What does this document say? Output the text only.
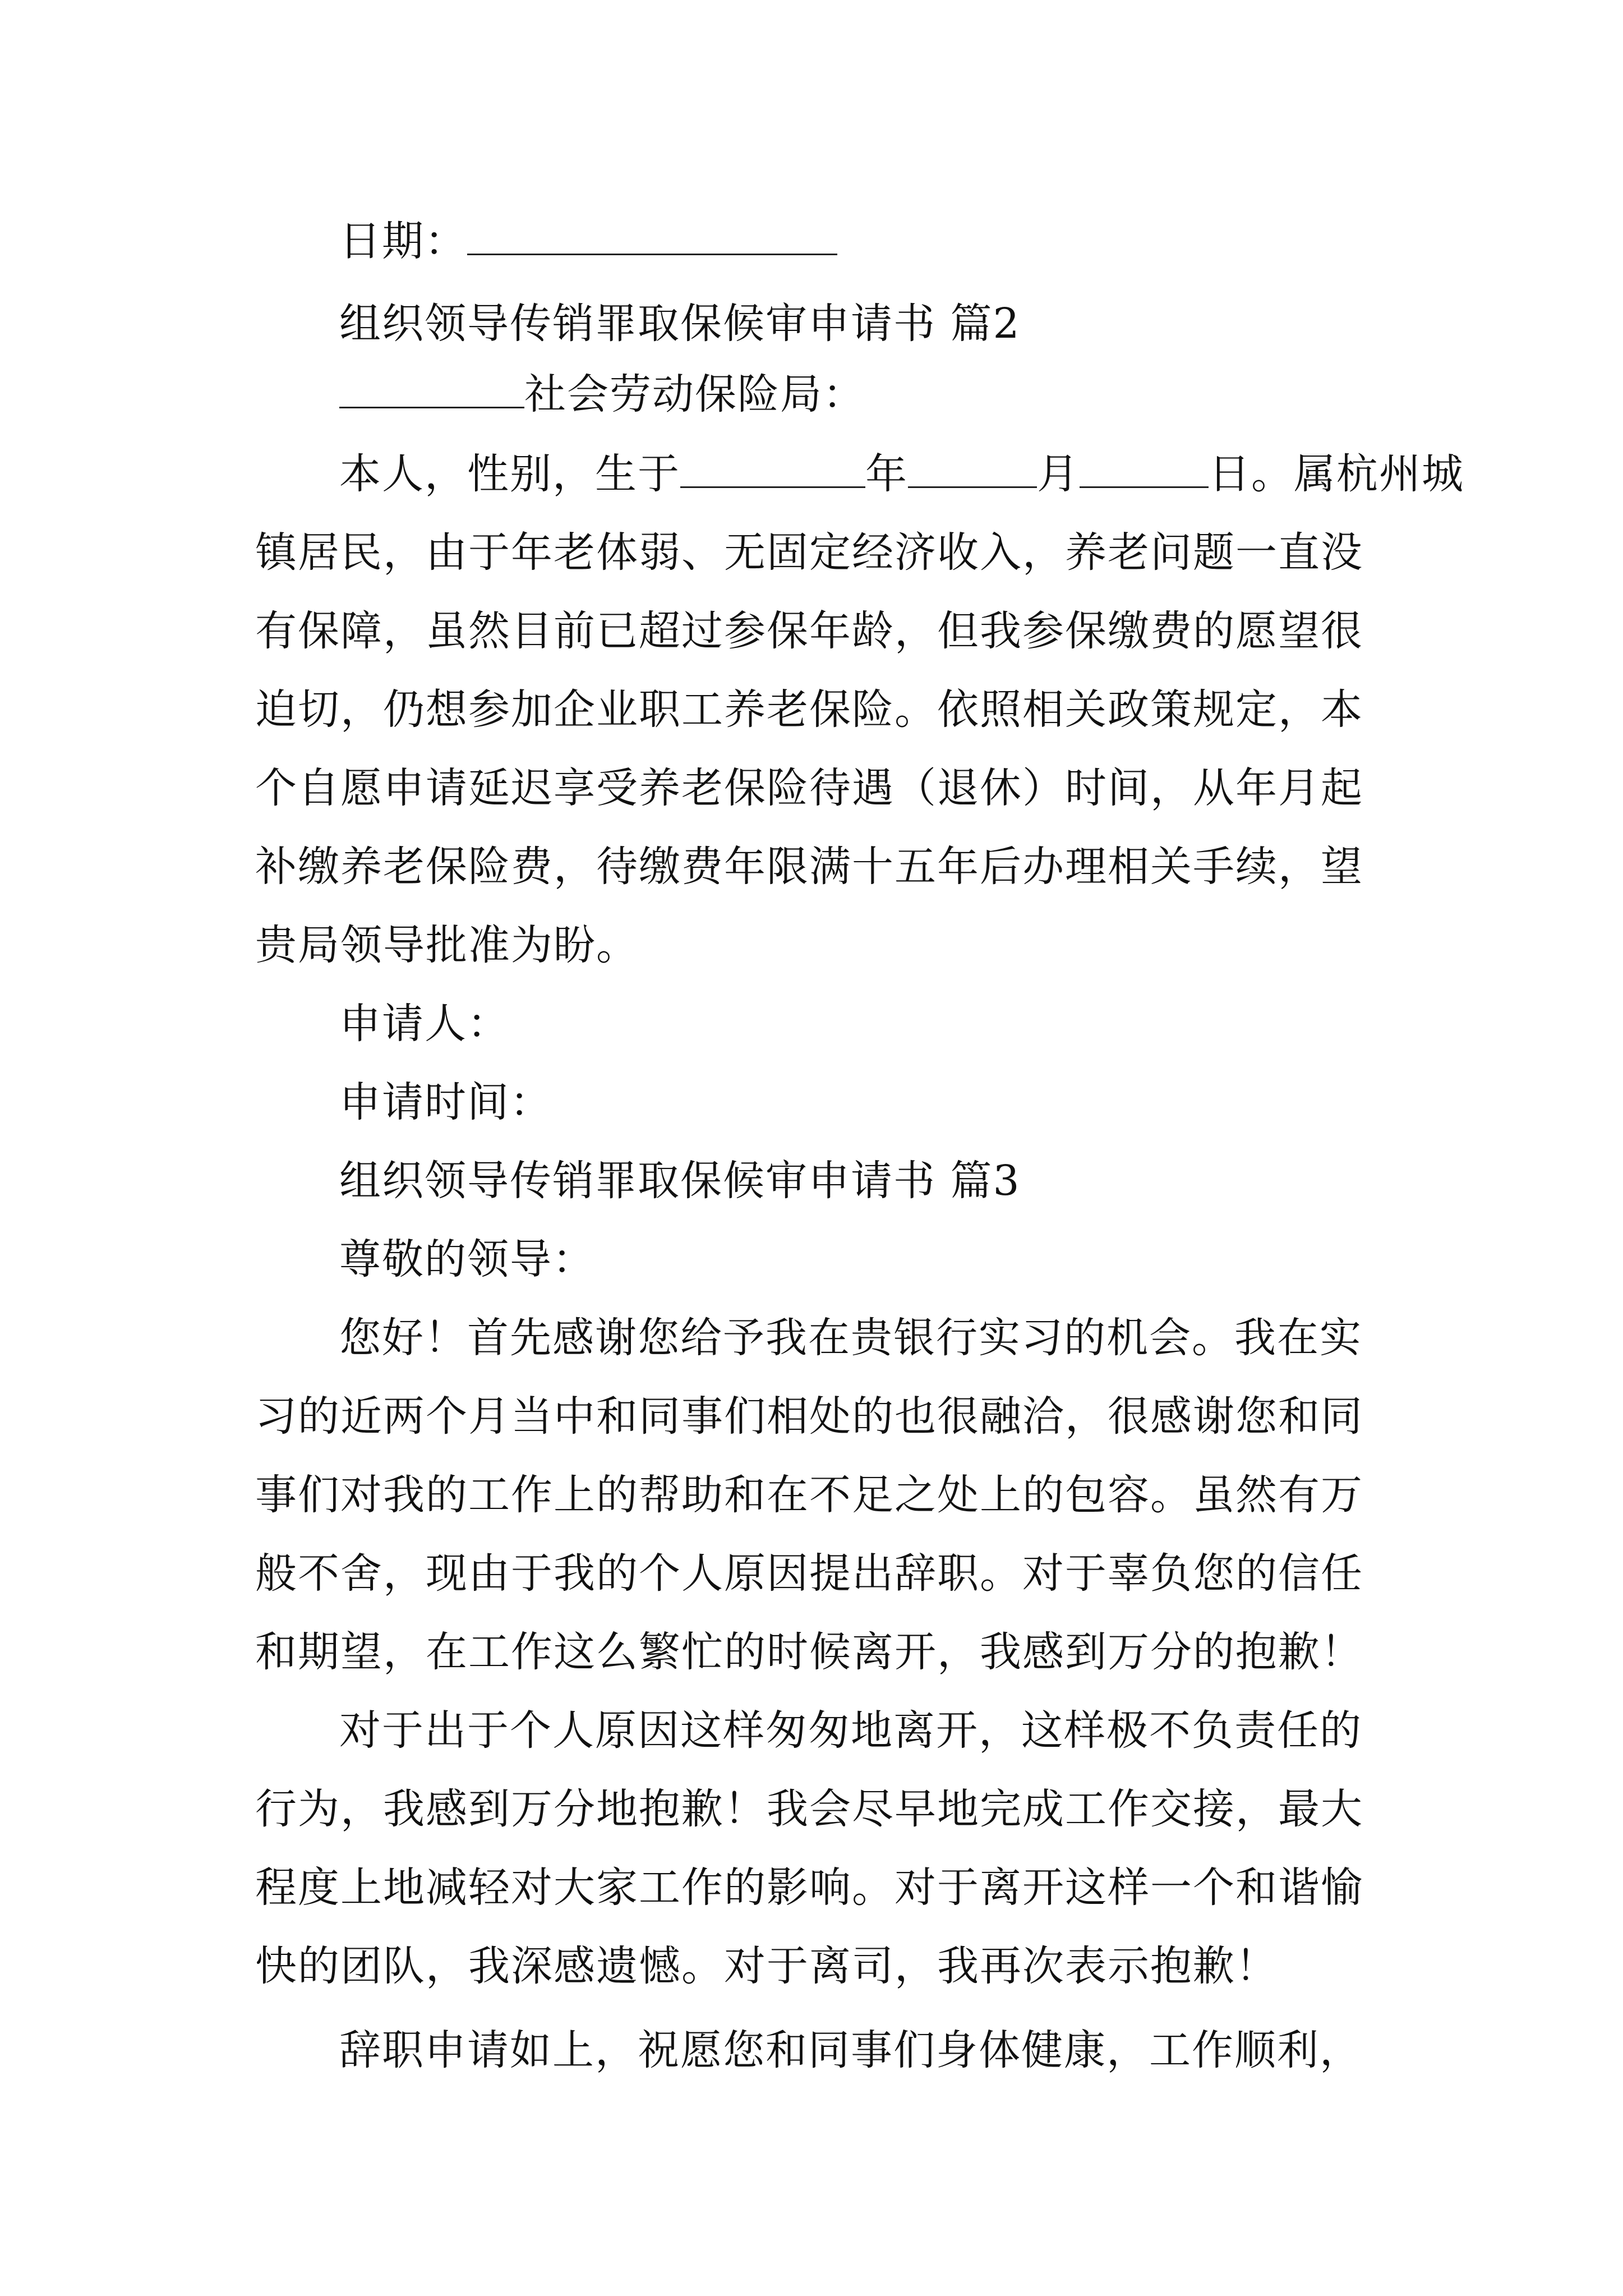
日期：
组织领导传销罪取保候审申请书 篇2
社会劳动保险局：
本人，性别，生于	年	月	日。属杭州城
镇居民，由于年老体弱、无固定经济收入，养老问题一直没
有保障，虽然目前已超过参保年龄，但我参保缴费的愿望很
迫切，仍想参加企业职工养老保险。依照相关政策规定，本
个自愿申请延迟享受养老保险待遇（退休）时间，从年月起
补缴养老保险费，待缴费年限满十五年后办理相关手续，望
贵局领导批准为盼。
申请人：
申请时间：
组织领导传销罪取保候审申请书 篇3
尊敬的领导：
您好！首先感谢您给予我在贵银行实习的机会。我在实
习的近两个月当中和同事们相处的也很融洽，很感谢您和同
事们对我的工作上的帮助和在不足之处上的包容。虽然有万
般不舍，现由于我的个人原因提出辞职。对于辜负您的信任
和期望，在工作这么繁忙的时候离开，我感到万分的抱歉！
对于出于个人原因这样匆匆地离开，这样极不负责任的
行为，我感到万分地抱歉！我会尽早地完成工作交接，最大
程度上地减轻对大家工作的影响。对于离开这样一个和谐愉
快的团队，我深感遗憾。对于离司，我再次表示抱歉！
辞职申请如上，祝愿您和同事们身体健康，工作顺利，
